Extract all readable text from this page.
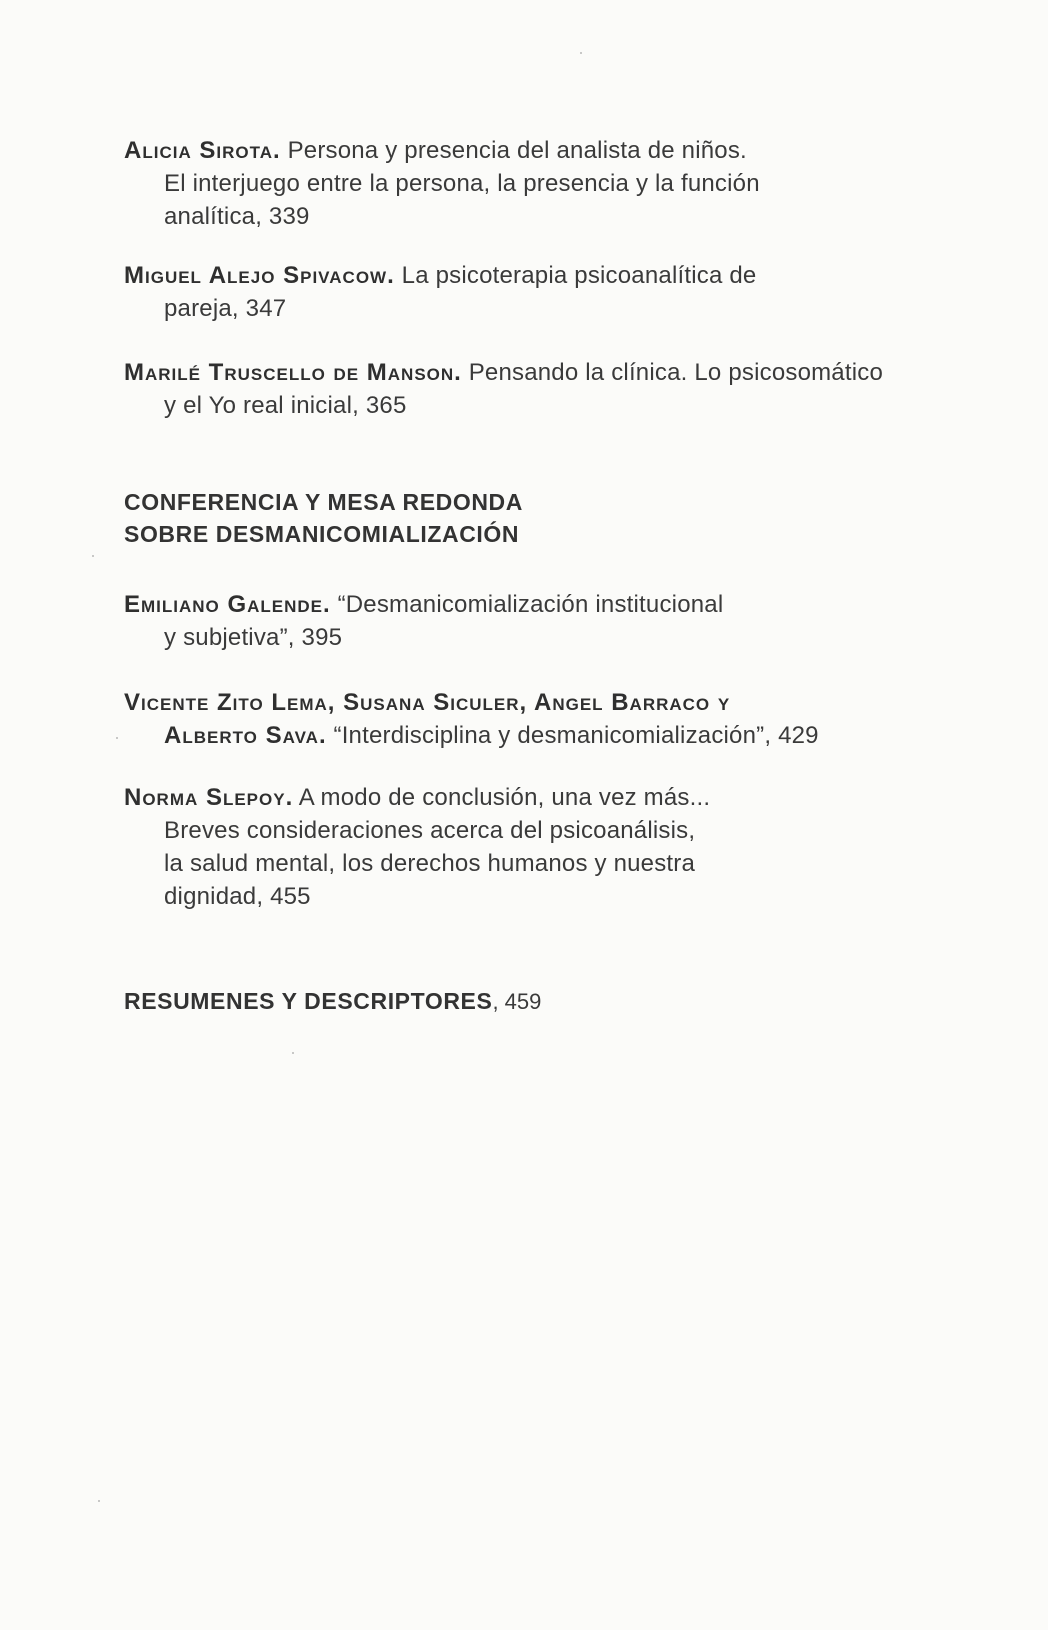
Alicia Sirota. Persona y presencia del analista de niños.
El interjuego entre la persona, la presencia y la función
analítica, 339
Miguel Alejo Spivacow. La psicoterapia psicoanalítica de
pareja, 347
Marilé Truscello de Manson. Pensando la clínica. Lo psicosomático
y el Yo real inicial, 365
CONFERENCIA Y MESA REDONDA
SOBRE DESMANICOMIALIZACIÓN
Emiliano Galende. “Desmanicomialización institucional
y subjetiva”, 395
Vicente Zito Lema, Susana Siculer, Angel Barraco y
Alberto Sava. “Interdisciplina y desmanicomialización”, 429
Norma Slepoy. A modo de conclusión, una vez más...
Breves consideraciones acerca del psicoanálisis,
la salud mental, los derechos humanos y nuestra
dignidad, 455
RESUMENES Y DESCRIPTORES, 459
